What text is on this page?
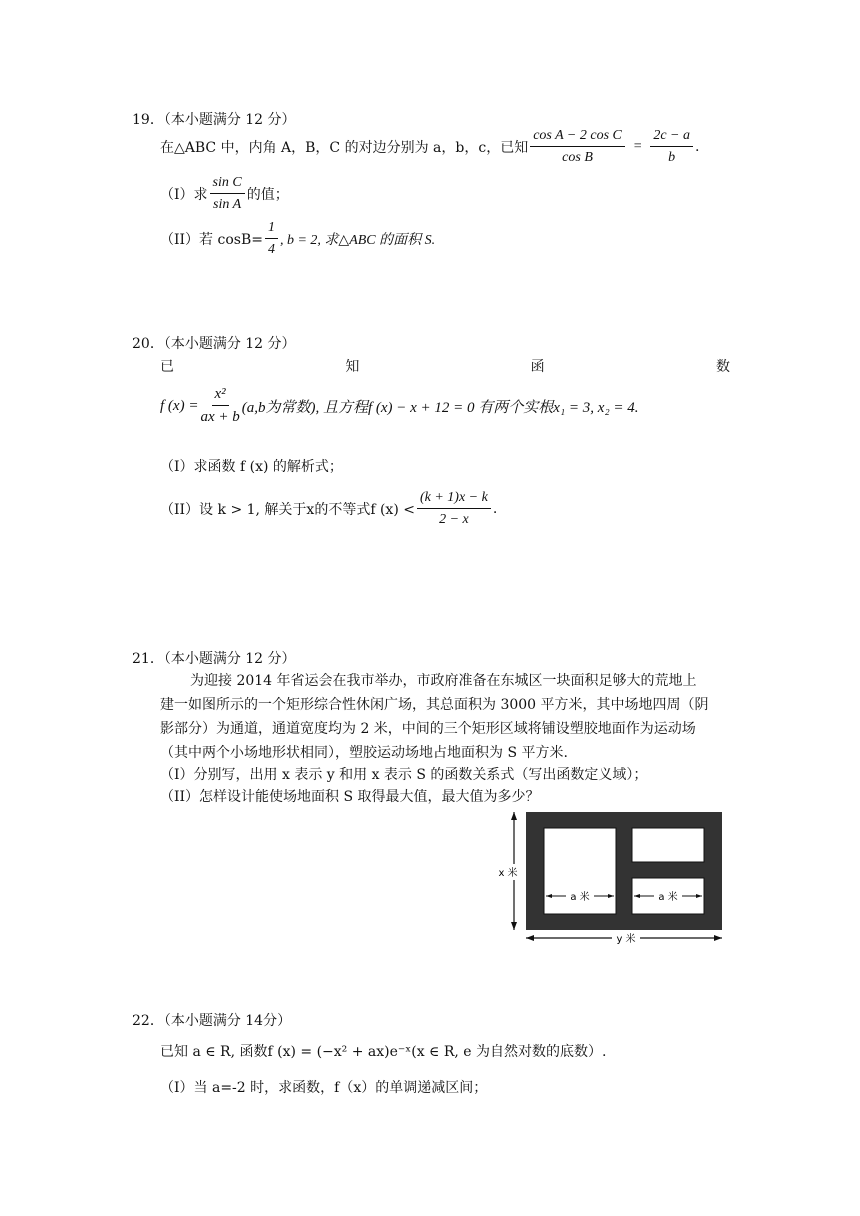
19．（本小题满分 12 分）
在△ABC 中，内角 A，B，C 的对边分别为 a，b，c，已知 $\frac{\text{cos A − 2 cos C}}{\text{cos B}} = \frac{2c - a}{b}$ .
（I）求 $\frac{\text{sin C}}{\text{sin A}}$ 的值；
（II）若 $\cos B= \frac{1}{4}$ , b = 2, 求△ABC 的面积 S.
20．（本小题满分 12 分）
已	知	函	数
f $(x) = \frac{\text{x²}}{ax + b} (a,b$为常数), 且方程f (x) − x + 12 = 0 有两个实根x₁ = 3, x₂ = 4.
（I）求函数 f (x) 的解析式；
（II）设 k > 1, 解关于x的不等式f $(x) < \frac{(k + 1)x - k}{2 - x}$ .
21．（本小题满分 12 分）
为迎接 2014 年省运会在我市举办，市政府准备在东城区一块面积足够大的荒地上
建一如图所示的一个矩形综合性休闲广场，其总面积为 3000 平方米，其中场地四周（阴
影部分）为通道，通道宽度均为 2 米，中间的三个矩形区域将铺设塑胶地面作为运动场
（其中两个小场地形状相同），塑胶运动场地占地面积为 S 平方米.
（I）分别写，出用 x 表示 y 和用 x 表示 S 的函数关系式（写出函数定义域）；
（II）怎样设计能使场地面积 S 取得最大值，最大值为多少？
a 米	a 米
x 米
y 米
22．（本小题满分 14分）
已知 a ∈ R, 函数f (x) = (−x² + ax)e⁻ˣ(x ∈ R, e 为自然对数的底数）.
（I）当 a=-2 时，求函数，f（x）的单调递减区间；
